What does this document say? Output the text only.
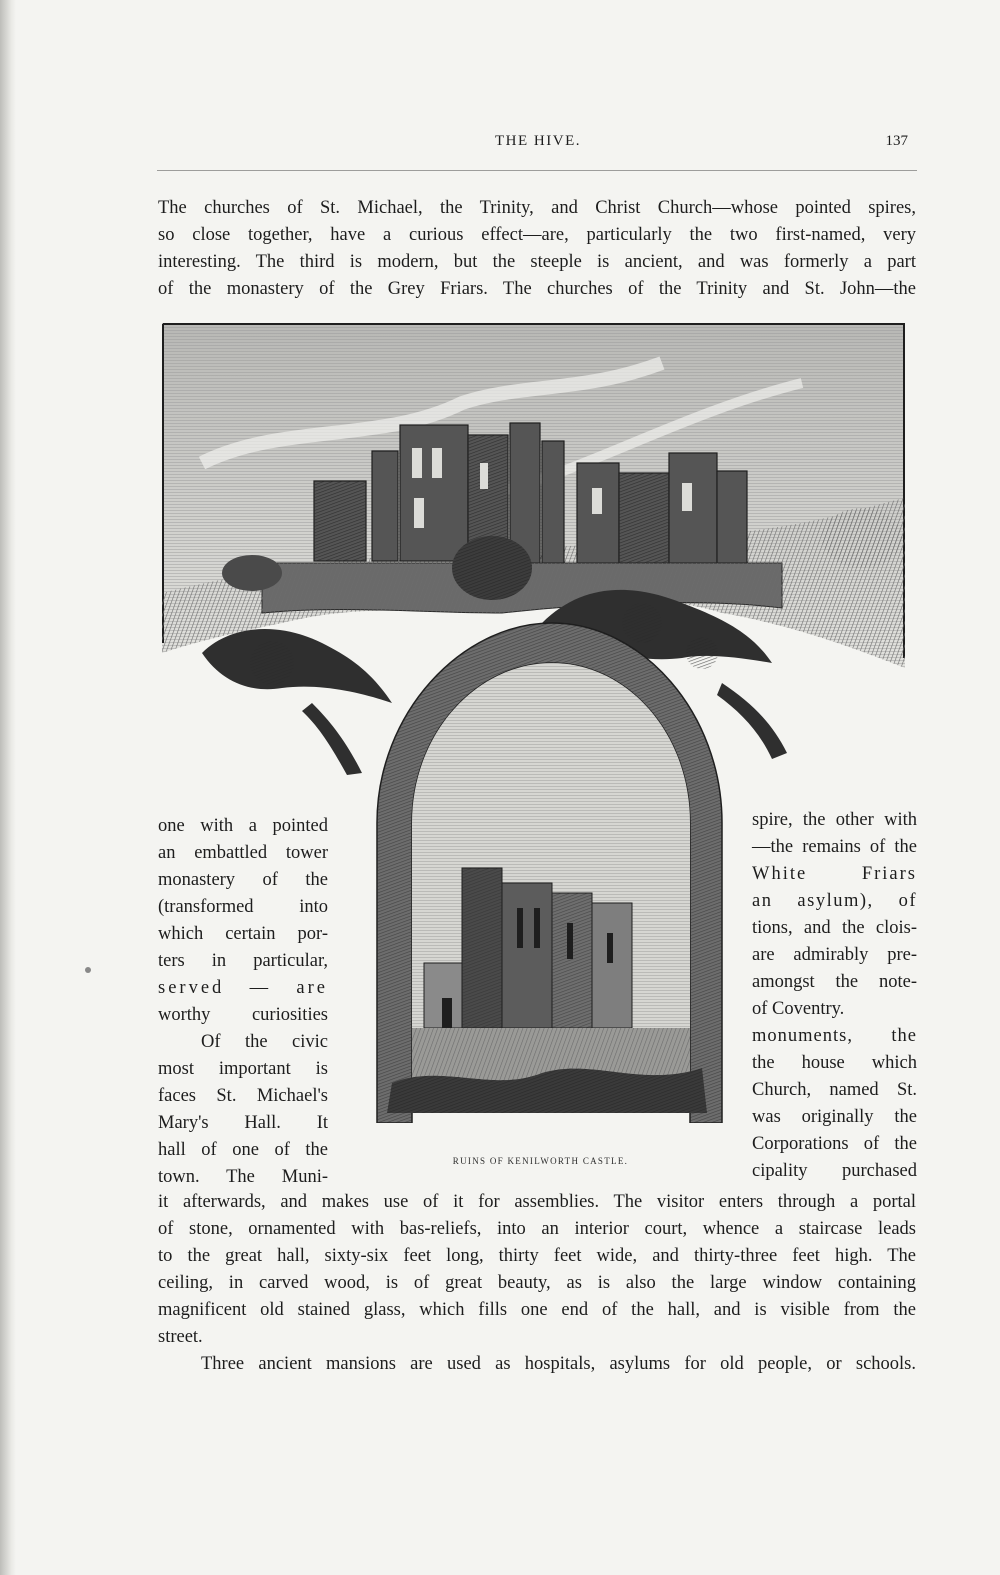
THE HIVE.	137
The churches of St. Michael, the Trinity, and Christ Church—whose pointed spires,
so close together, have a curious effect—are, particularly the two first-named, very
interesting. The third is modern, but the steeple is ancient, and was formerly a part
of the monastery of the Grey Friars. The churches of the Trinity and St. John—the
RUINS OF KENILWORTH CASTLE.
one with a pointed
an embattled tower
monastery of the
(transformed into
which certain por-
ters in particular,
served — are
worthy curiosities
Of the civic
most important is
faces St. Michael's
Mary's Hall. It
hall of one of the
town. The Muni-
spire, the other with
—the remains of the
White Friars
an asylum), of
tions, and the clois-
are admirably pre-
amongst the note-
of Coventry.
monuments, the
the house which
Church, named St.
was originally the
Corporations of the
cipality purchased
it afterwards, and makes use of it for assemblies. The visitor enters through a portal
of stone, ornamented with bas-reliefs, into an interior court, whence a staircase leads
to the great hall, sixty-six feet long, thirty feet wide, and thirty-three feet high. The
ceiling, in carved wood, is of great beauty, as is also the large window containing
magnificent old stained glass, which fills one end of the hall, and is visible from the
street.
Three ancient mansions are used as hospitals, asylums for old people, or schools.
